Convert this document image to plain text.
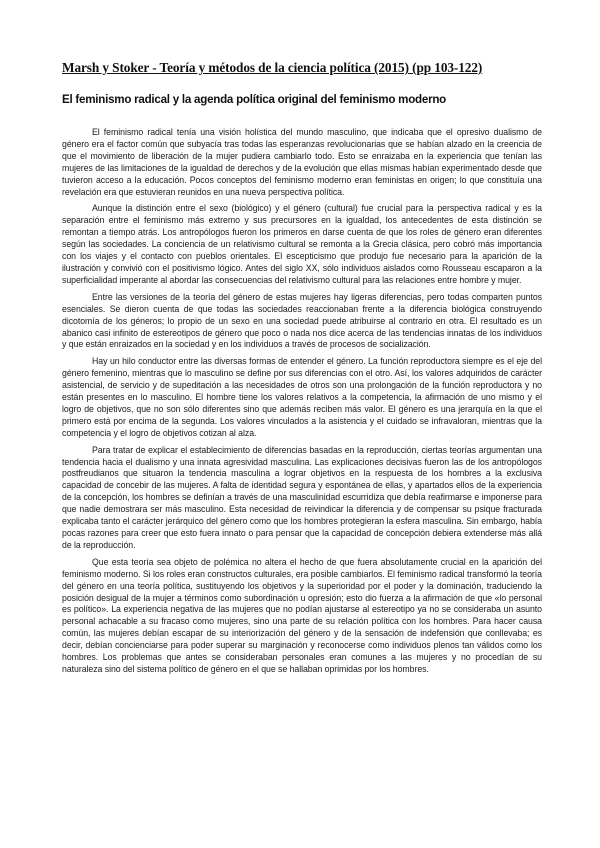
Marsh y Stoker - Teoría y métodos de la ciencia política (2015) (pp 103-122)
El feminismo radical y la agenda política original del feminismo moderno

El feminismo radical tenía una visión holística del mundo masculino, que indicaba que el opresivo dualismo de género era el factor común que subyacía tras todas las esperanzas revolucionarias que se habían alzado en la creencia de que el movimiento de liberación de la mujer pudiera cambiarlo todo. Esto se enraizaba en la experiencia que tenían las mujeres de las limitaciones de la igualdad de derechos y de la evolución que ellas mismas habían experimentado desde que tuvieron acceso a la educación. Pocos conceptos del feminismo moderno eran feministas en origen; lo que constituía una revelación era que estuvieran reunidos en una nueva perspectiva política.

Aunque la distinción entre el sexo (biológico) y el género (cultural) fue crucial para la perspectiva radical y es la separación entre el feminismo más extremo y sus precursores en la igualdad, los antecedentes de esta distinción se remontan a tiempo atrás. Los antropólogos fueron los primeros en darse cuenta de que los roles de género eran diferentes según las sociedades. La conciencia de un relativismo cultural se remonta a la Grecia clásica, pero cobró más importancia con los viajes y el contacto con pueblos orientales. El escepticismo que produjo fue necesario para la aparición de la ilustración y convivió con el positivismo lógico. Antes del siglo XX, sólo individuos aislados como Rousseau escaparon a la superficialidad imperante al abordar las consecuencias del relativismo cultural para las relaciones entre hombre y mujer.

Entre las versiones de la teoría del género de estas mujeres hay ligeras diferencias, pero todas comparten puntos esenciales. Se dieron cuenta de que todas las sociedades reaccionaban frente a la diferencia biológica construyendo dicotomía de los géneros; lo propio de un sexo en una sociedad puede atribuirse al contrario en otra. El resultado es un abanico casi infinito de estereotipos de género que poco o nada nos dice acerca de las tendencias innatas de los individuos y que están enraizados en la sociedad y en los individuos a través de procesos de socialización.

Hay un hilo conductor entre las diversas formas de entender el género. La función reproductora siempre es el eje del género femenino, mientras que lo masculino se define por sus diferencias con el otro. Así, los valores adquiridos de carácter asistencial, de servicio y de supeditación a las necesidades de otros son una prolongación de la función reproductora y no están presentes en lo masculino. El hombre tiene los valores relativos a la competencia, la afirmación de uno mismo y el logro de objetivos, que no son sólo diferentes sino que además reciben más valor. El género es una jerarquía en la que el primero está por encima de la segunda. Los valores vinculados a la asistencia y el cuidado se infravaloran, mientras que la competencia y el logro de objetivos cotizan al alza.

Para tratar de explicar el establecimiento de diferencias basadas en la reproducción, ciertas teorías argumentan una tendencia hacia el dualismo y una innata agresividad masculina. Las explicaciones decisivas fueron las de los antropólogos postfreudianos que situaron la tendencia masculina a lograr objetivos en la respuesta de los hombres a la exclusiva capacidad de concebir de las mujeres. A falta de identidad segura y espontánea de ellas, y apartados ellos de la experiencia de la concepción, los hombres se definían a través de una masculinidad escurridiza que debía reafirmarse e imponerse para que nadie demostrara ser más masculino. Esta necesidad de reivindicar la diferencia y de compensar su psique fracturada explicaba tanto el carácter jerárquico del género como que los hombres protegieran la esfera masculina. Sin embargo, había pocas razones para creer que esto fuera innato o para pensar que la capacidad de concepción debiera extenderse más allá de la reproducción.

Que esta teoría sea objeto de polémica no altera el hecho de que fuera absolutamente crucial en la aparición del feminismo moderno. Si los roles eran constructos culturales, era posible cambiarlos. El feminismo radical transformó la teoría del género en una teoría política, sustituyendo los objetivos y la superioridad por el poder y la dominación, traduciendo la posición desigual de la mujer a términos como subordinación u opresión; esto dio fuerza a la afirmación de que «lo personal es político». La experiencia negativa de las mujeres que no podían ajustarse al estereotipo ya no se consideraba un asunto personal achacable a su fracaso como mujeres, sino una parte de su relación política con los hombres. Para hacer causa común, las mujeres debían escapar de su interiorización del género y de la sensación de indefensión que conllevaba; es decir, debían concienciarse para poder superar su marginación y reconocerse como individuos plenos tan válidos como los hombres. Los problemas que antes se consideraban personales eran comunes a las mujeres y no procedían de su naturaleza sino del sistema político de género en el que se hallaban oprimidas por los hombres.
